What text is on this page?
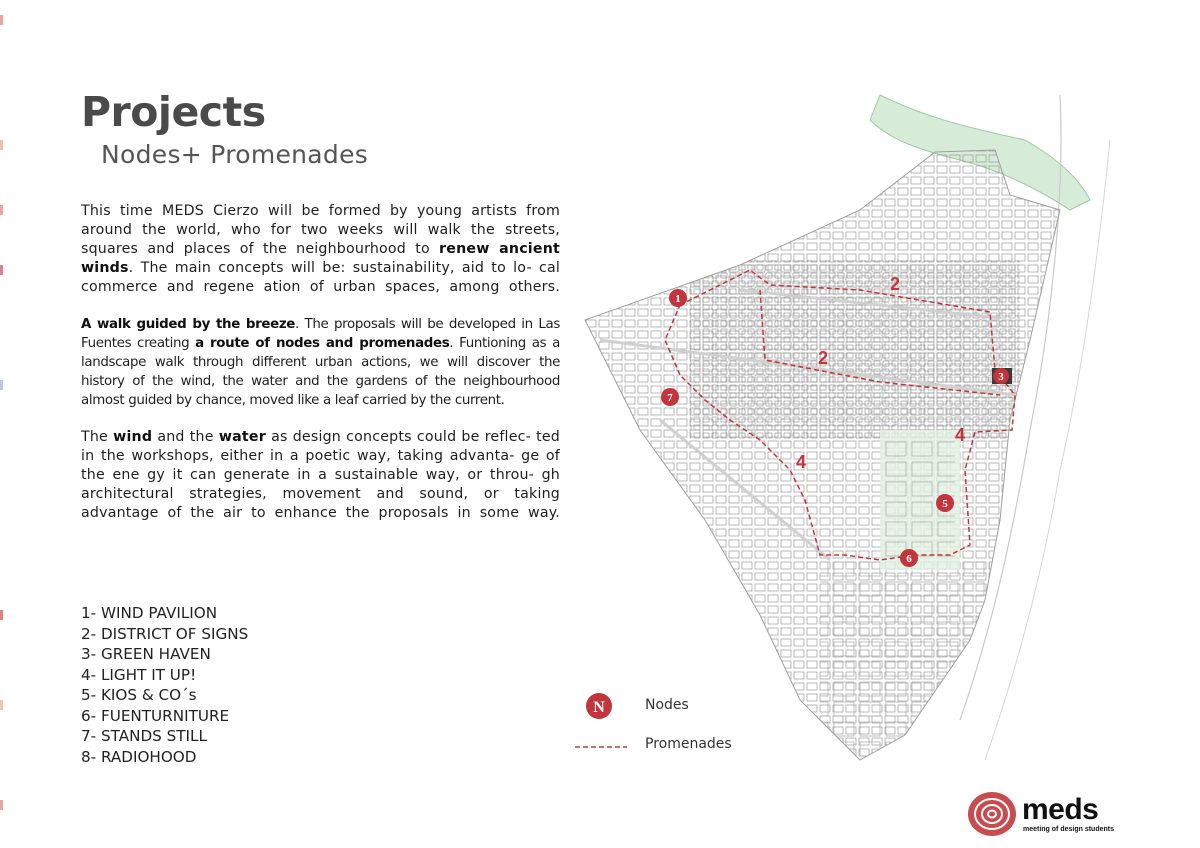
Projects
Nodes+ Promenades

This time MEDS Cierzo will be formed by young artists from around the world, who for two weeks will walk the streets, squares and places of the neighbourhood to renew ancient winds. The main concepts will be: sustainability, aid to lo- cal commerce and regene ation of urban spaces, among others.

A walk guided by the breeze. The proposals will be developed in Las Fuentes creating a route of nodes and promenades. Funtioning as a landscape walk through different urban actions, we will discover the history of the wind, the water and the gardens of the neighbourhood almost guided by chance, moved like a leaf carried by the current.

The wind and the water as design concepts could be reflec- ted in the workshops, either in a poetic way, taking advanta- ge of the ene gy it can generate in a sustainable way, or throu- gh architectural strategies, movement and sound, or taking advantage of the air to enhance the proposals in some way.

1- WIND PAVILION
2- DISTRICT OF SIGNS
3- GREEN HAVEN
4- LIGHT IT UP!
5- KIOS & CO´s
6- FUENTURNITURE
7- STANDS STILL
8- RADIOHOOD
2
2
4
4
1
3
5
6
7
N	Nodes
Promenades
meds
meeting of design students
